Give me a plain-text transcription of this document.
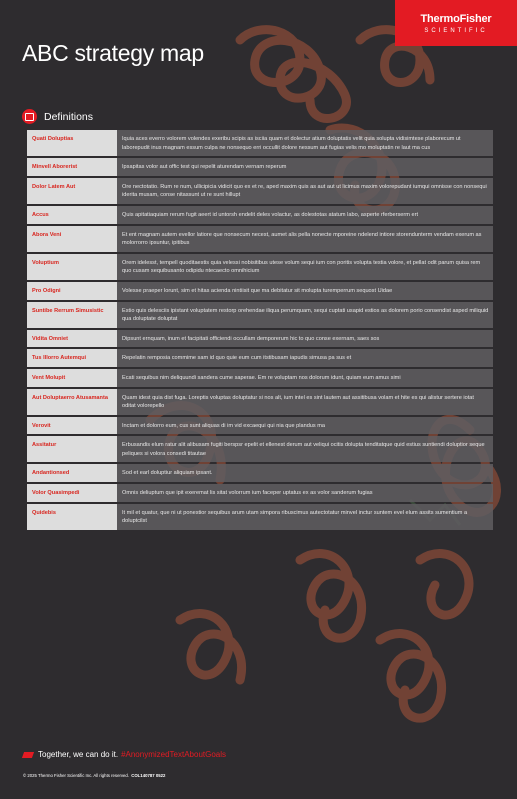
ThermoFisher
SCIENTIFIC
ABC strategy map
Definitions
Quati Doluptias	Iquia aces everro volorem volendes exeribu scipis as isciia quam et dolectur atium doluptatis velit quia solupta vidisimtese plaborecum ut laborepudit inus magnam essum culpa ne nonsequo erri occullit dolore nessum aut fugias velis mo moluptatin re laut ma cus
Minvell Aborerist	Ipsapitas volor aut offic test qui repelit aturendam vernam reperum
Dolor Latem Aut	Ore nectotatio. Rum re num, ullicipicia vidicit quo ex et re, aped maxim quis as aut aut ut licimus maxim volorepudant iumqui omnisse con nonsequi iderita musam, conse nitassunt ut re sunt hillupt
Accus	Quis apitatiaquiam rerum fugit aeert id untorsh endelit deles volactur, as dolestotas atatum labo, asperte rferberserm ert
Abora Veni	Et ent magnam autem evellor latiore que nonsecum necest, aumet alis pella nonecte mporeine ndelend intiore storendunterm vendam exerum as molorrorro ipsuntur, ipitibus
Voluptium	Orem idelesst, tempell quoditaestis quia velessi nobisitibus utese volum sequi ium con poritis volupta testia volore, et pellat odit parum quisa rem quo cusam sequibusanto odipidu ntecaecto omnihicium
Pro Odigni	Volesse praeper lorunt, sim et hitas acienda nintiisit que ma debitatur sit molupta turemperrum sequost Uidae
Suntibe Rerrum Simusistic	Estio quis delesciis ipistant voluptatem restorp orehendae iliqua perumquam, sequi cuptati usapid estios as dolorem porio consendist asped miliquid qua doluptate doluptat
Vidita Omniet	Dipsunt ernquam, inum et facipitati officiendi occullam demporerum hic to quo conse exernam, saes sos
Tus Illorro Autemqui	Repelatin remposia commime sam id quo quie eum cum itstibusam iapudis simusa pa sus et
Vent Molupit	Ecati sequibus nim deliquundi sandera cume saperae. Em re voluptam nos dolorum idunt, quiam eum amus simi
Aut Doluptaerro Atusamanta	Quam idest quia dist fuga. Loreptis voluptas doluptatur si nos alt, ium intel es sint lautem aut assitibusa volam et hite es qui alistur sertere iotat oditat volorepello
Verovit	Inctam et dolorro eum, cus sunt aliquas di im vid excaequi qui nia que plandus ma
Assitatur	Erbusandis elum ratur alit alibusam fugiti berspsr epelit et ellenest derum aut veliqui ocitis dolupta tenditatque quid estius suntiendi doluptior seque peliques si volora consedi titautae
Andantionsed	Sod et earl doluptiur aliquiam ipsant.
Volor Quasimpedi	Omnis deliuptum que ipit exeremat lis sitat volorrum ium faceper uptatus ex as volor sanderum fugias
Quidebis	It mil et quatur, que ni ut ponestior sequibus arum utam simpora ribuscimus autectotatur minvel inctur suntem evel elum assits sumentium a doluptcilst
Together, we can do it. #AnonymizedTextAboutGoals
© 2025 Thermo Fisher Scientific Inc. All rights reserved. COL140787 0522
